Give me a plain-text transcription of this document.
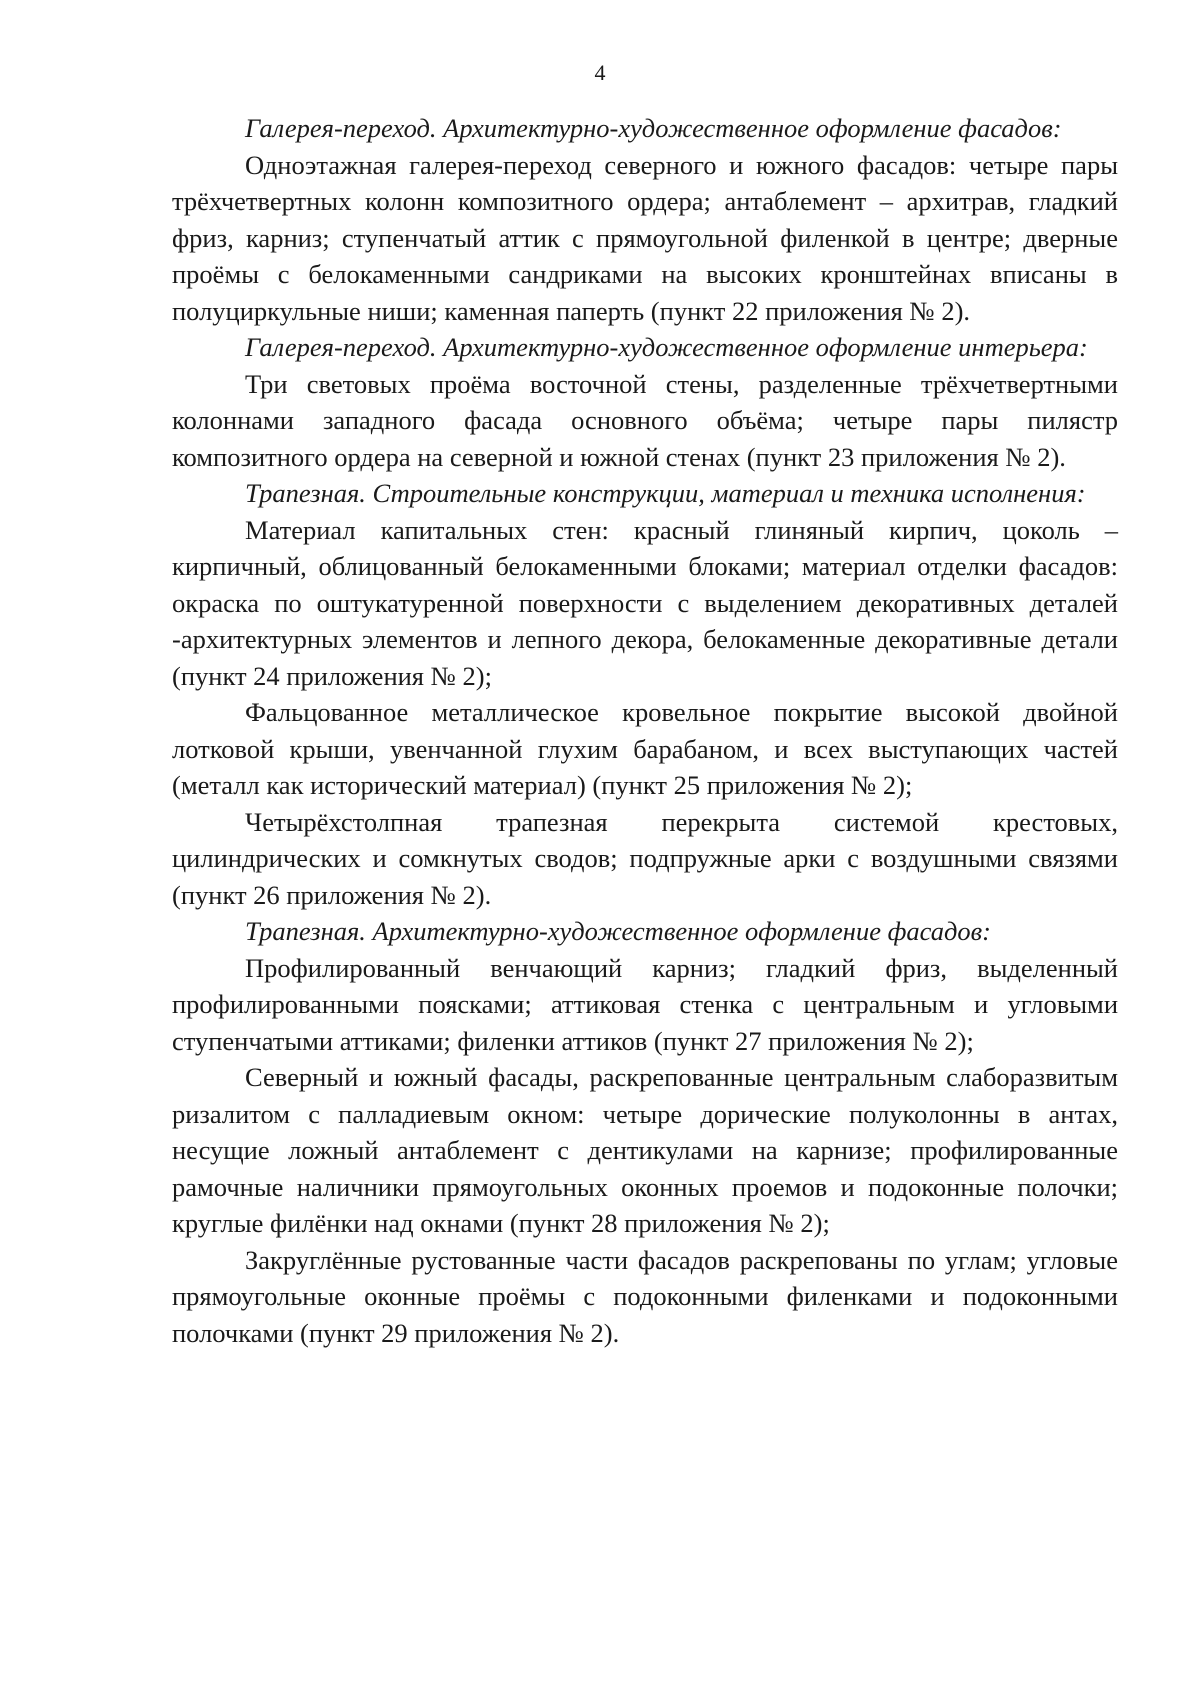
4

Галерея-переход. Архитектурно-художественное оформление фасадов:

Одноэтажная галерея-переход северного и южного фасадов: четыре пары трёхчетвертных колонн композитного ордера; антаблемент – архитрав, гладкий фриз, карниз; ступенчатый аттик с прямоугольной филенкой в центре; дверные проёмы с белокаменными сандриками на высоких кронштейнах вписаны в полуциркульные ниши; каменная паперть (пункт 22 приложения № 2).

Галерея-переход. Архитектурно-художественное оформление интерьера:

Три световых проёма восточной стены, разделенные трёхчетвертными колоннами западного фасада основного объёма; четыре пары пилястр композитного ордера на северной и южной стенах (пункт 23 приложения № 2).

Трапезная. Строительные конструкции, материал и техника исполнения:

Материал капитальных стен: красный глиняный кирпич, цоколь – кирпичный, облицованный белокаменными блоками; материал отделки фасадов: окраска по оштукатуренной поверхности с выделением декоративных деталей -архитектурных элементов и лепного декора, белокаменные декоративные детали (пункт 24 приложения № 2);

Фальцованное металлическое кровельное покрытие высокой двойной лотковой крыши, увенчанной глухим барабаном, и всех выступающих частей (металл как исторический материал) (пункт 25 приложения № 2);

Четырёхстолпная трапезная перекрыта системой крестовых, цилиндрических и сомкнутых сводов; подпружные арки с воздушными связями (пункт 26 приложения № 2).

Трапезная. Архитектурно-художественное оформление фасадов:

Профилированный венчающий карниз; гладкий фриз, выделенный профилированными поясками; аттиковая стенка с центральным и угловыми ступенчатыми аттиками; филенки аттиков (пункт 27 приложения № 2);

Северный и южный фасады, раскрепованные центральным слаборазвитым ризалитом с палладиевым окном: четыре дорические полуколонны в антах, несущие ложный антаблемент с дентикулами на карнизе; профилированные рамочные наличники прямоугольных оконных проемов и подоконные полочки; круглые филёнки над окнами (пункт 28 приложения № 2);

Закруглённые рустованные части фасадов раскрепованы по углам; угловые прямоугольные оконные проёмы с подоконными филенками и подоконными полочками (пункт 29 приложения № 2).
